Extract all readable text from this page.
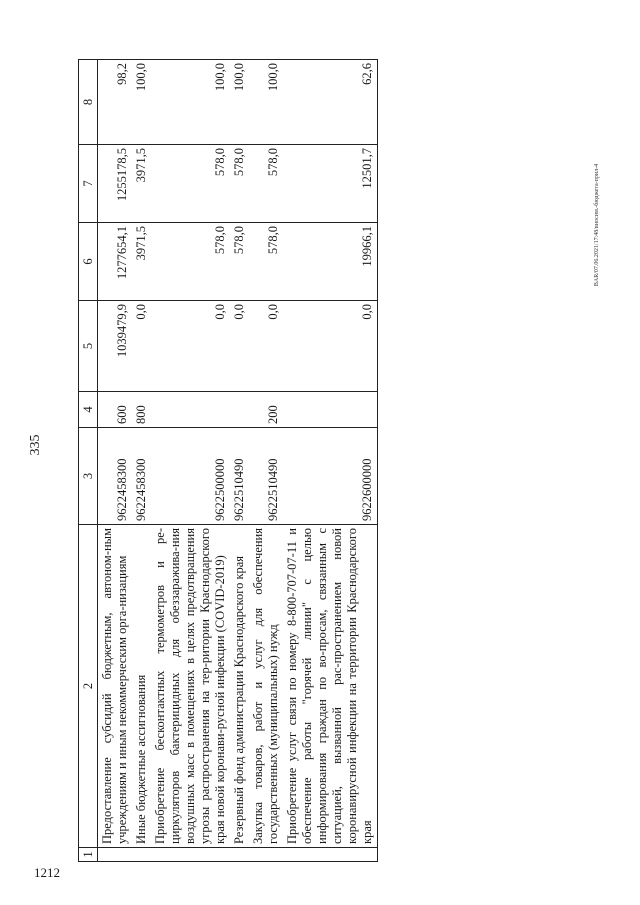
335
1212
BAR/07.06.2021/17:48/вносим.-бюджета-прил-4
1	2	3	4	5	6	7	8
	Предоставление субсидий бюджетным, автоном-ным учреждениям и иным некоммерческим орга-низациям	9622458300	600	1039479,9	1277654,1	1255178,5	98,2
	Иные бюджетные ассигнования	9622458300	800	0,0	3971,5	3971,5	100,0
	Приобретение бесконтактных термометров и ре-циркуляторов бактерицидных для обеззаражива-ния воздушных масс в помещениях в целях предотвращения угрозы распространения на тер-ритории Краснодарского края новой коронави-русной инфекции (COVID-2019)	9622500000		0,0	578,0	578,0	100,0
	Резервный фонд администрации Краснодарского края	9622510490		0,0	578,0	578,0	100,0
	Закупка товаров, работ и услуг для обеспечения государственных (муниципальных) нужд	9622510490	200	0,0	578,0	578,0	100,0
	Приобретение услуг связи по номеру 8-800-707-07-11 и обеспечение работы "горячей линии" с целью информирования граждан по во-просам, связанным с ситуацией, вызванной рас-пространением новой коронавирусной инфекции на территории Краснодарского края	9622600000		0,0	19966,1	12501,7	62,6
